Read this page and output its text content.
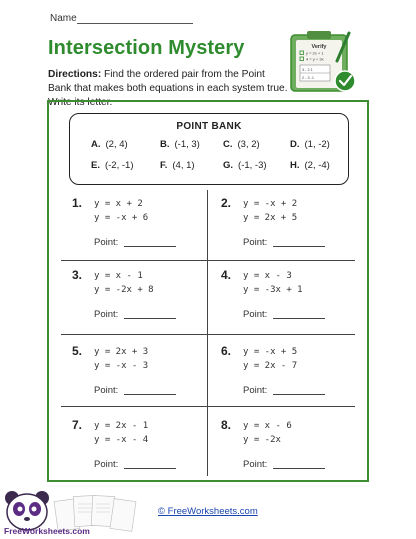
Name
Intersection Mystery
Directions: Find the ordered pair from the Point Bank that makes both equations in each system true. Write its letter.
Verify
y = 2x + 1
4 = y + 3x
3 - 2 1
2 - 3 -1
POINT BANK
A. (2, 4)	B. (-1, 3) C. (3, 2)	D. (1, -2)
E. (-2, -1)	F. (4, 1)	G. (-1, -3) H. (2, -4)
1. y = x + 2
y = -x + 6
Point:
2. y = -x + 2
y = 2x + 5
Point:
3. y = x - 1
y = -2x + 8
Point:
4. y = x - 3
y = -3x + 1
Point:
5. y = 2x + 3
y = -x - 3
Point:
6. y = -x + 5
y = 2x - 7
Point:
7. y = 2x - 1
y = -x - 4
Point:
8. y = x - 6
y = -2x
Point:
© FreeWorksheets.com
FreeWorksheets.com
